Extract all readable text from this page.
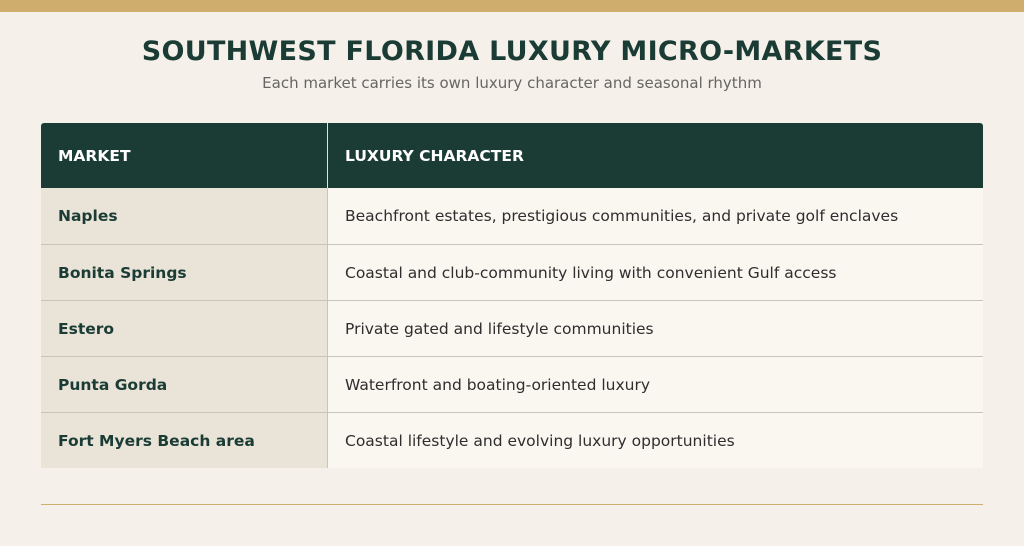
SOUTHWEST FLORIDA LUXURY MICRO-MARKETS
Each market carries its own luxury character and seasonal rhythm
MARKET	LUXURY CHARACTER
Naples	Beachfront estates, prestigious communities, and private golf enclaves
Bonita Springs	Coastal and club-community living with convenient Gulf access
Estero	Private gated and lifestyle communities
Punta Gorda	Waterfront and boating-oriented luxury
Fort Myers Beach area	Coastal lifestyle and evolving luxury opportunities
